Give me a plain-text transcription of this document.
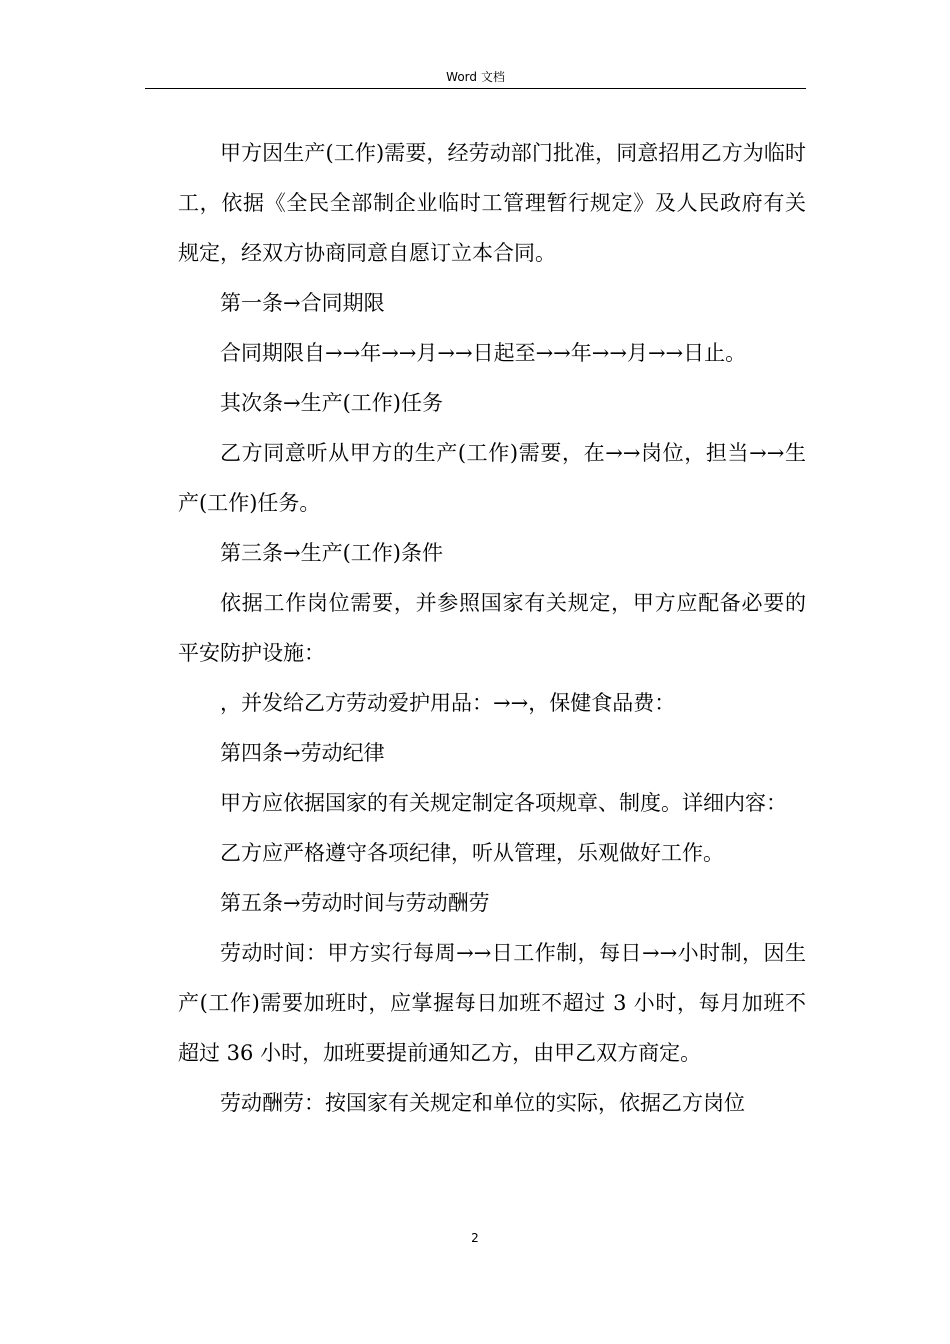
Word 文档

甲方因生产(工作)需要，经劳动部门批准，同意招用乙方为临时工，依据《全民全部制企业临时工管理暂行规定》及人民政府有关规定，经双方协商同意自愿订立本合同。

第一条→合同期限

合同期限自→→年→→月→→日起至→→年→→月→→日止。

其次条→生产(工作)任务

乙方同意听从甲方的生产(工作)需要，在→→岗位，担当→→生产(工作)任务。

第三条→生产(工作)条件

依据工作岗位需要，并参照国家有关规定，甲方应配备必要的平安防护设施：

，并发给乙方劳动爱护用品：→→，保健食品费：

第四条→劳动纪律

甲方应依据国家的有关规定制定各项规章、制度。详细内容：

乙方应严格遵守各项纪律，听从管理，乐观做好工作。

第五条→劳动时间与劳动酬劳

劳动时间：甲方实行每周→→日工作制，每日→→小时制，因生产(工作)需要加班时，应掌握每日加班不超过 3 小时，每月加班不超过 36 小时，加班要提前通知乙方，由甲乙双方商定。

劳动酬劳：按国家有关规定和单位的实际，依据乙方岗位

2
